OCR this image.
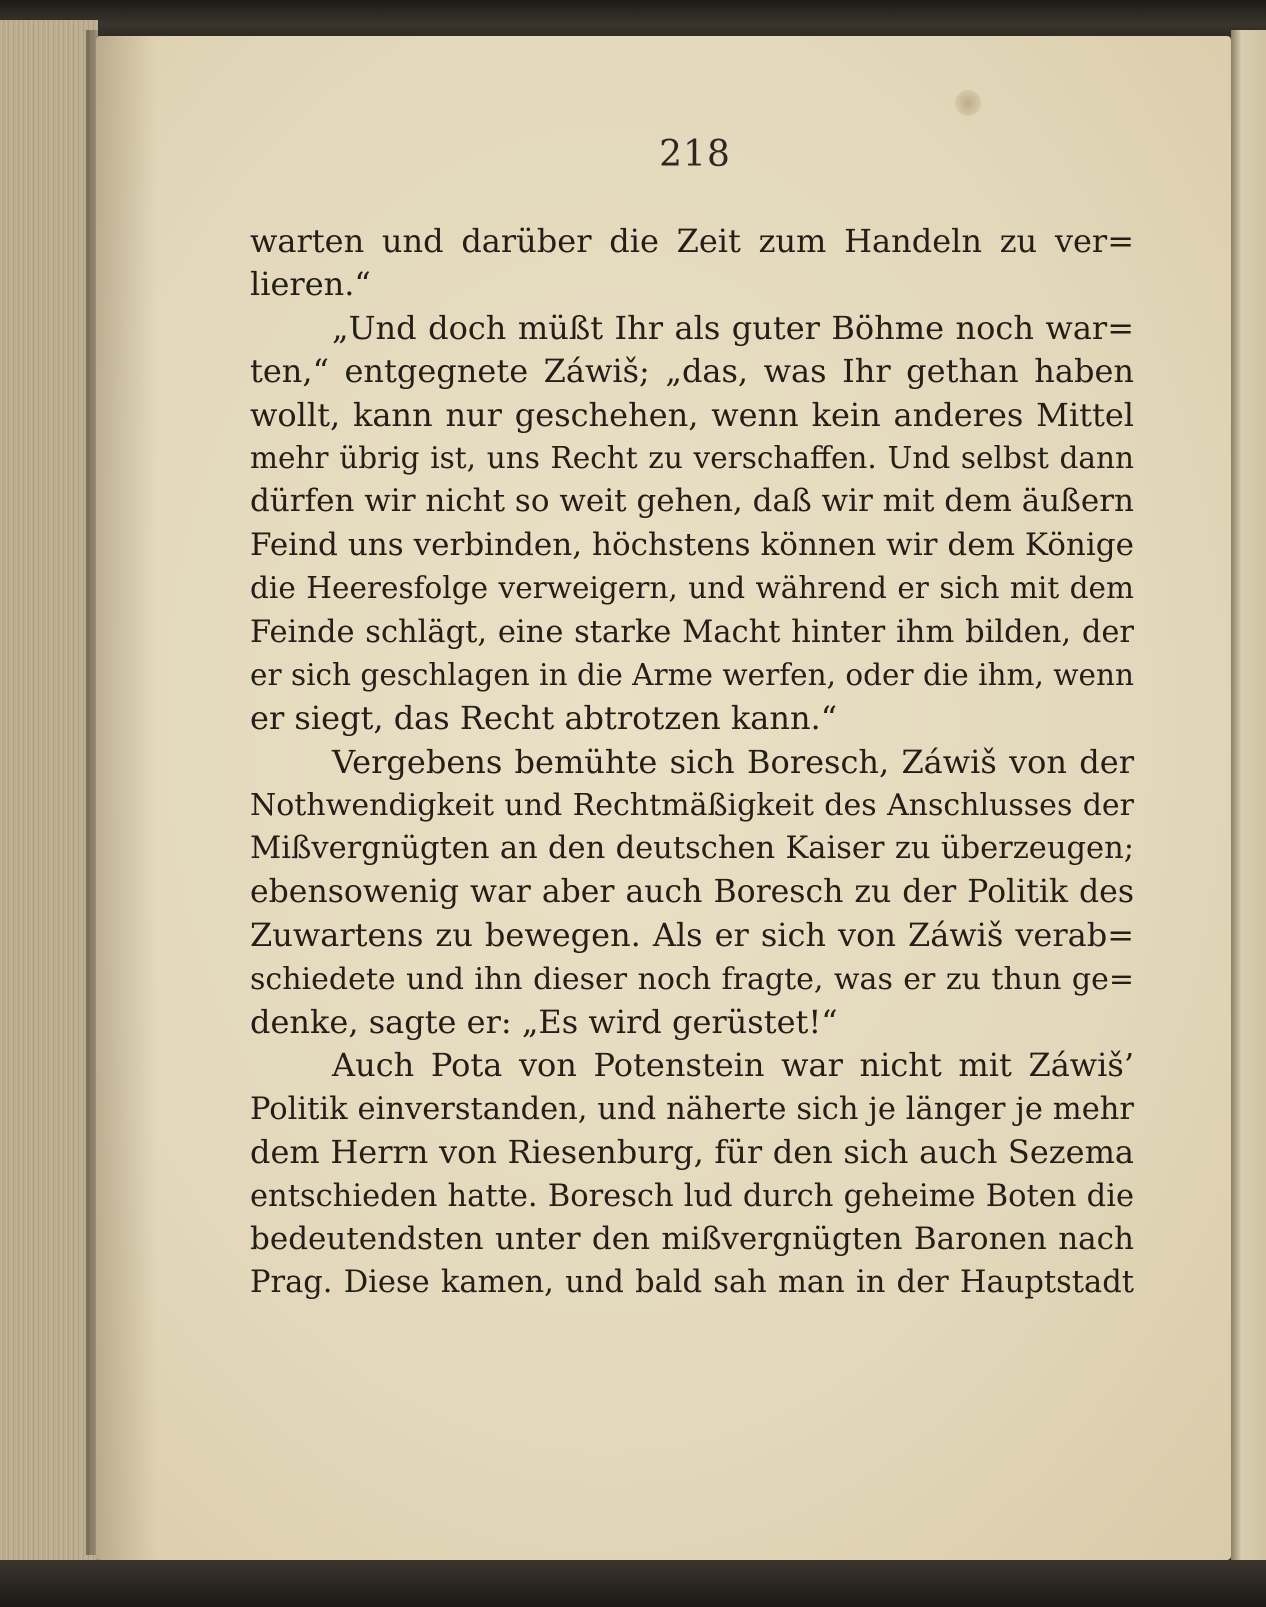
218
warten und darüber die Zeit zum Handeln zu ver=
lieren.“
„Und doch müßt Ihr als guter Böhme noch war=
ten,“ entgegnete Záwiš; „das, was Ihr gethan haben
wollt, kann nur geschehen, wenn kein anderes Mittel
mehr übrig ist, uns Recht zu verschaffen. Und selbst dann
dürfen wir nicht so weit gehen, daß wir mit dem äußern
Feind uns verbinden, höchstens können wir dem Könige
die Heeresfolge verweigern, und während er sich mit dem
Feinde schlägt, eine starke Macht hinter ihm bilden, der
er sich geschlagen in die Arme werfen, oder die ihm, wenn
er siegt, das Recht abtrotzen kann.“
Vergebens bemühte sich Boresch, Záwiš von der
Nothwendigkeit und Rechtmäßigkeit des Anschlusses der
Mißvergnügten an den deutschen Kaiser zu überzeugen;
ebensowenig war aber auch Boresch zu der Politik des
Zuwartens zu bewegen. Als er sich von Záwiš verab=
schiedete und ihn dieser noch fragte, was er zu thun ge=
denke, sagte er: „Es wird gerüstet!“
Auch Pota von Potenstein war nicht mit Záwiš’
Politik einverstanden, und näherte sich je länger je mehr
dem Herrn von Riesenburg, für den sich auch Sezema
entschieden hatte. Boresch lud durch geheime Boten die
bedeutendsten unter den mißvergnügten Baronen nach
Prag. Diese kamen, und bald sah man in der Hauptstadt
